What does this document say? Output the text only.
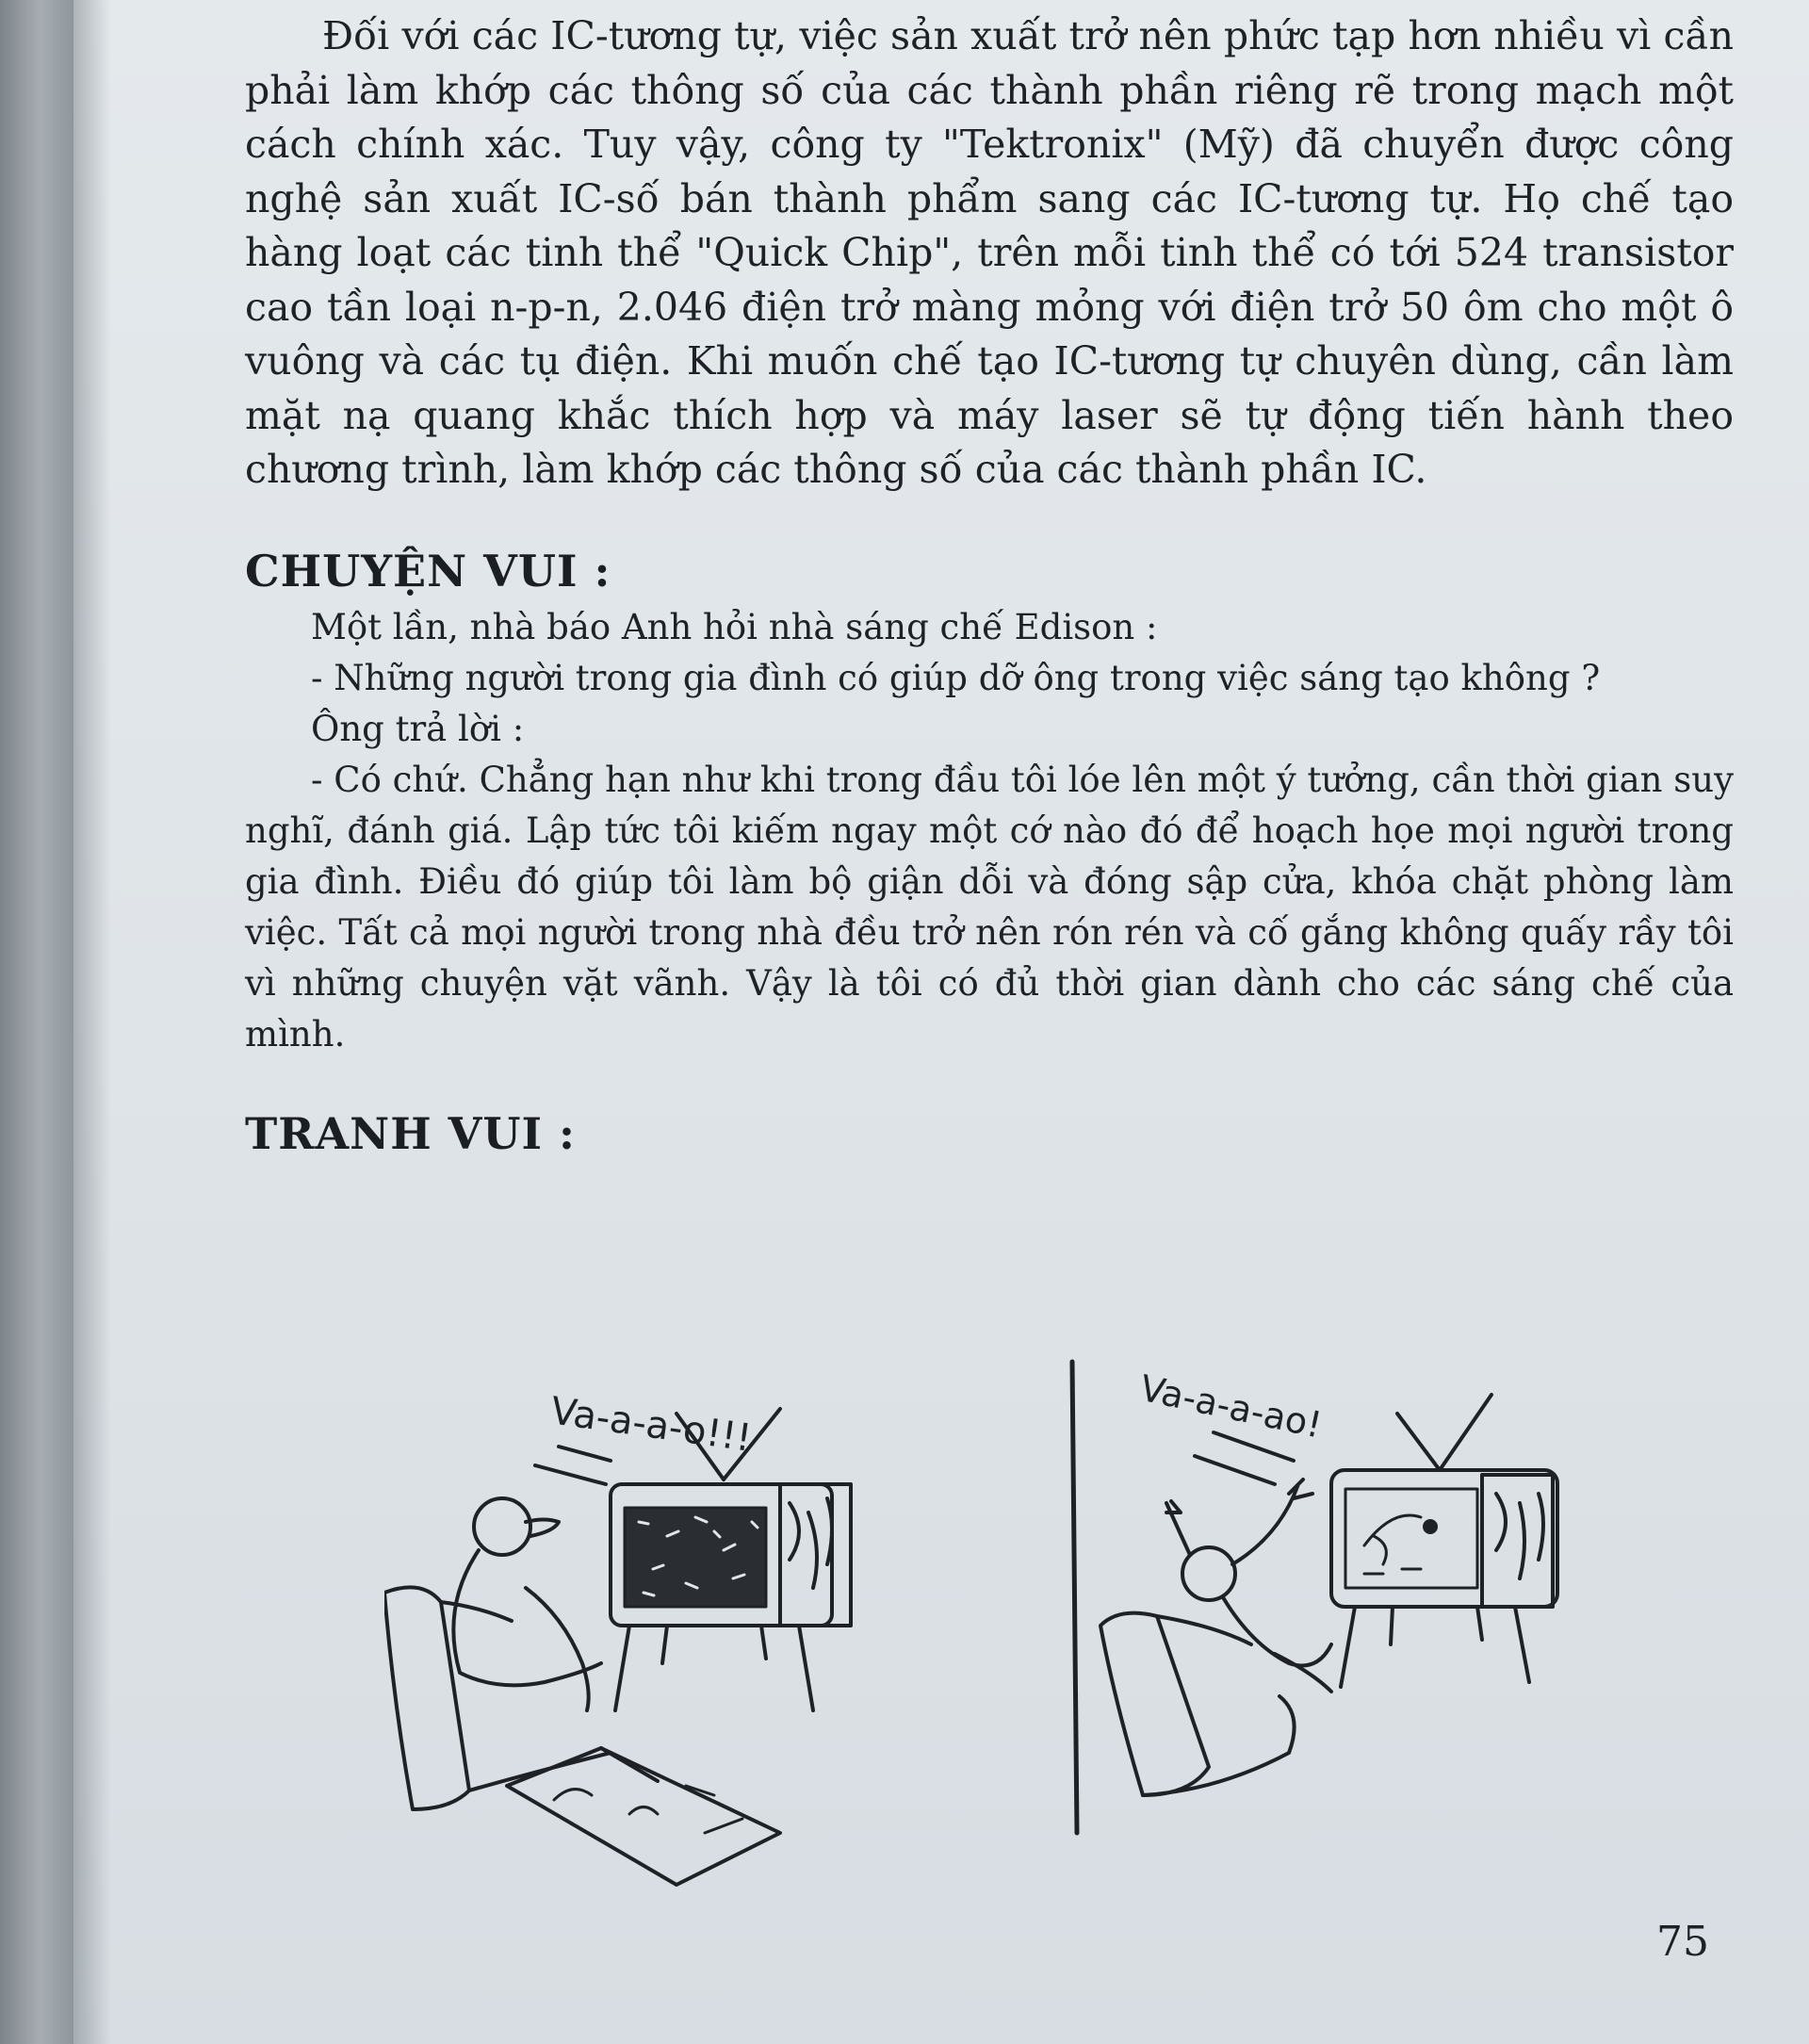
Đối với các IC-tương tự, việc sản xuất trở nên phức tạp hơn nhiều vì cần phải làm khớp các thông số của các thành phần riêng rẽ trong mạch một cách chính xác. Tuy vậy, công ty "Tektronix" (Mỹ) đã chuyển được công nghệ sản xuất IC-số bán thành phẩm sang các IC-tương tự. Họ chế tạo hàng loạt các tinh thể "Quick Chip", trên mỗi tinh thể có tới 524 transistor cao tần loại n-p-n, 2.046 điện trở màng mỏng với điện trở 50 ôm cho một ô vuông và các tụ điện. Khi muốn chế tạo IC-tương tự chuyên dùng, cần làm mặt nạ quang khắc thích hợp và máy laser sẽ tự động tiến hành theo chương trình, làm khớp các thông số của các thành phần IC.

CHUYỆN VUI :

Một lần, nhà báo Anh hỏi nhà sáng chế Edison :

- Những người trong gia đình có giúp dỡ ông trong việc sáng tạo không ?

Ông trả lời :

- Có chứ. Chẳng hạn như khi trong đầu tôi lóe lên một ý tưởng, cần thời gian suy nghĩ, đánh giá. Lập tức tôi kiếm ngay một cớ nào đó để hoạch họe mọi người trong gia đình. Điều đó giúp tôi làm bộ giận dỗi và đóng sập cửa, khóa chặt phòng làm việc. Tất cả mọi người trong nhà đều trở nên rón rén và cố gắng không quấy rầy tôi vì những chuyện vặt vãnh. Vậy là tôi có đủ thời gian dành cho các sáng chế của mình.

TRANH VUI :
Va-a-a-o!!!	Va-a-a-ao!
75
